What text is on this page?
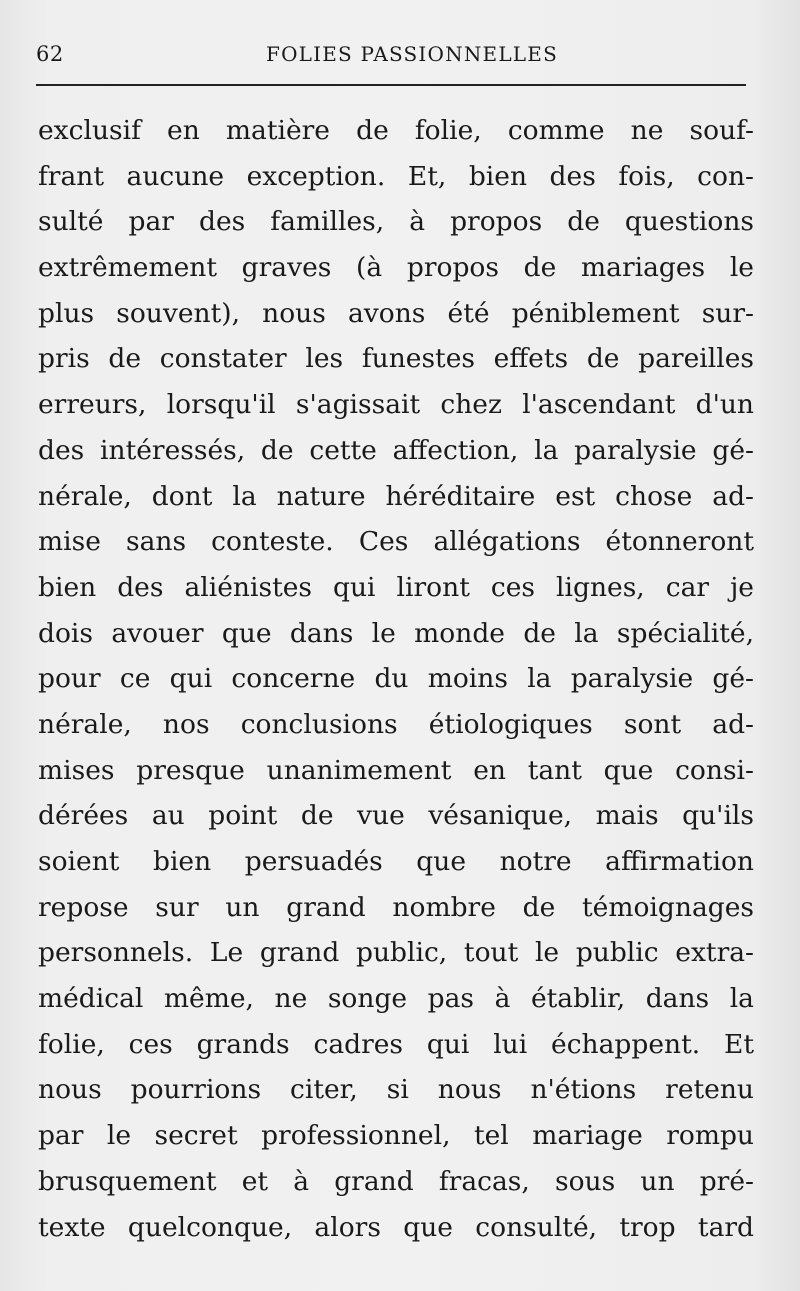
62	FOLIES PASSIONNELLES
exclusif en matière de folie, comme ne souf-
frant aucune exception. Et, bien des fois, con-
sulté par des familles, à propos de questions
extrêmement graves (à propos de mariages le
plus souvent), nous avons été péniblement sur-
pris de constater les funestes effets de pareilles
erreurs, lorsqu'il s'agissait chez l'ascendant d'un
des intéressés, de cette affection, la paralysie gé-
nérale, dont la nature héréditaire est chose ad-
mise sans conteste. Ces allégations étonneront
bien des aliénistes qui liront ces lignes, car je
dois avouer que dans le monde de la spécialité,
pour ce qui concerne du moins la paralysie gé-
nérale, nos conclusions étiologiques sont ad-
mises presque unanimement en tant que consi-
dérées au point de vue vésanique, mais qu'ils
soient bien persuadés que notre affirmation
repose sur un grand nombre de témoignages
personnels. Le grand public, tout le public extra-
médical même, ne songe pas à établir, dans la
folie, ces grands cadres qui lui échappent. Et
nous pourrions citer, si nous n'étions retenu
par le secret professionnel, tel mariage rompu
brusquement et à grand fracas, sous un pré-
texte quelconque, alors que consulté, trop tard
